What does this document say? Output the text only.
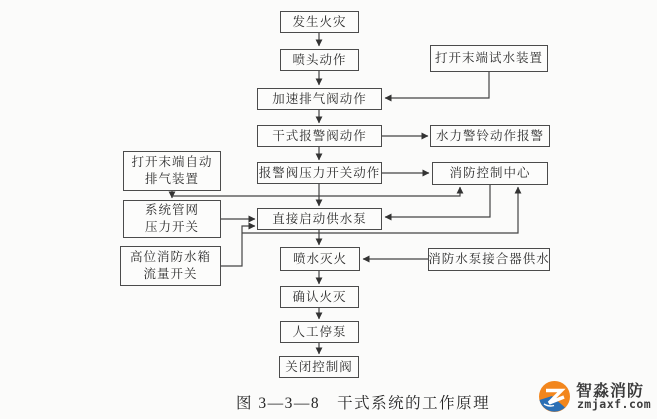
发生火灾
喷头动作	打开末端试水装置
加速排气阀动作
干式报警阀动作	水力警铃动作报警
报警阀压力开关动作	消防控制中心
打开末端自动
排气装置
系统管网
压力开关
高位消防水箱
流量开关
直接启动供水泵
喷水灭火	消防水泵接合器供水
确认火灭
人工停泵
关闭控制阀
图 3—3—8　干式系统的工作原理
智淼消防
zmjaxf.com
